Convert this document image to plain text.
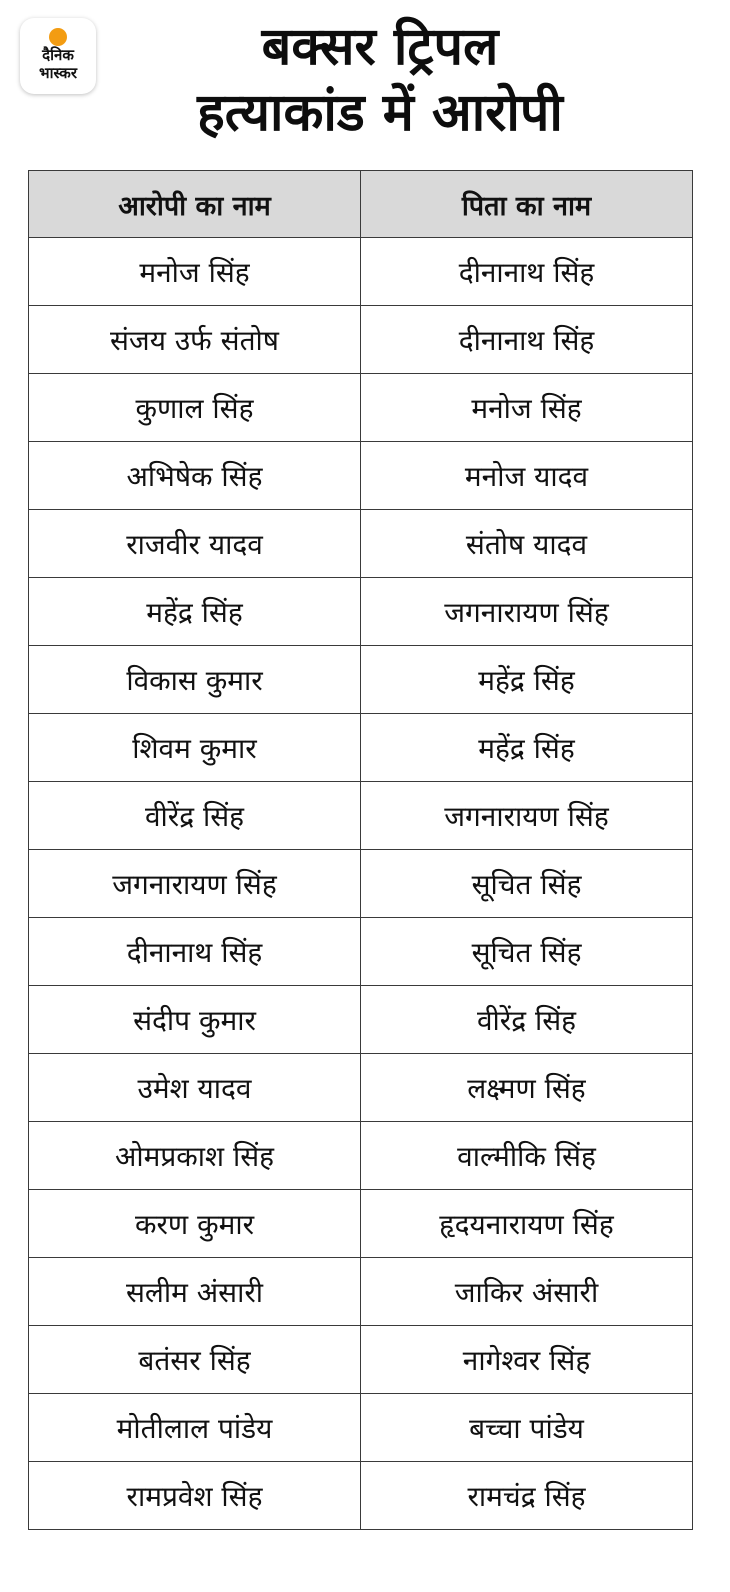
दैनिक
भास्कर	बक्सर ट्रिपल
हत्याकांड में आरोपी
आरोपी का नाम	पिता का नाम
मनोज सिंह	दीनानाथ सिंह
संजय उर्फ संतोष	दीनानाथ सिंह
कुणाल सिंह	मनोज सिंह
अभिषेक सिंह	मनोज यादव
राजवीर यादव	संतोष यादव
महेंद्र सिंह	जगनारायण सिंह
विकास कुमार	महेंद्र सिंह
शिवम कुमार	महेंद्र सिंह
वीरेंद्र सिंह	जगनारायण सिंह
जगनारायण सिंह	सूचित सिंह
दीनानाथ सिंह	सूचित सिंह
संदीप कुमार	वीरेंद्र सिंह
उमेश यादव	लक्ष्मण सिंह
ओमप्रकाश सिंह	वाल्मीकि सिंह
करण कुमार	हृदयनारायण सिंह
सलीम अंसारी	जाकिर अंसारी
बतंसर सिंह	नागेश्वर सिंह
मोतीलाल पांडेय	बच्चा पांडेय
रामप्रवेश सिंह	रामचंद्र सिंह
